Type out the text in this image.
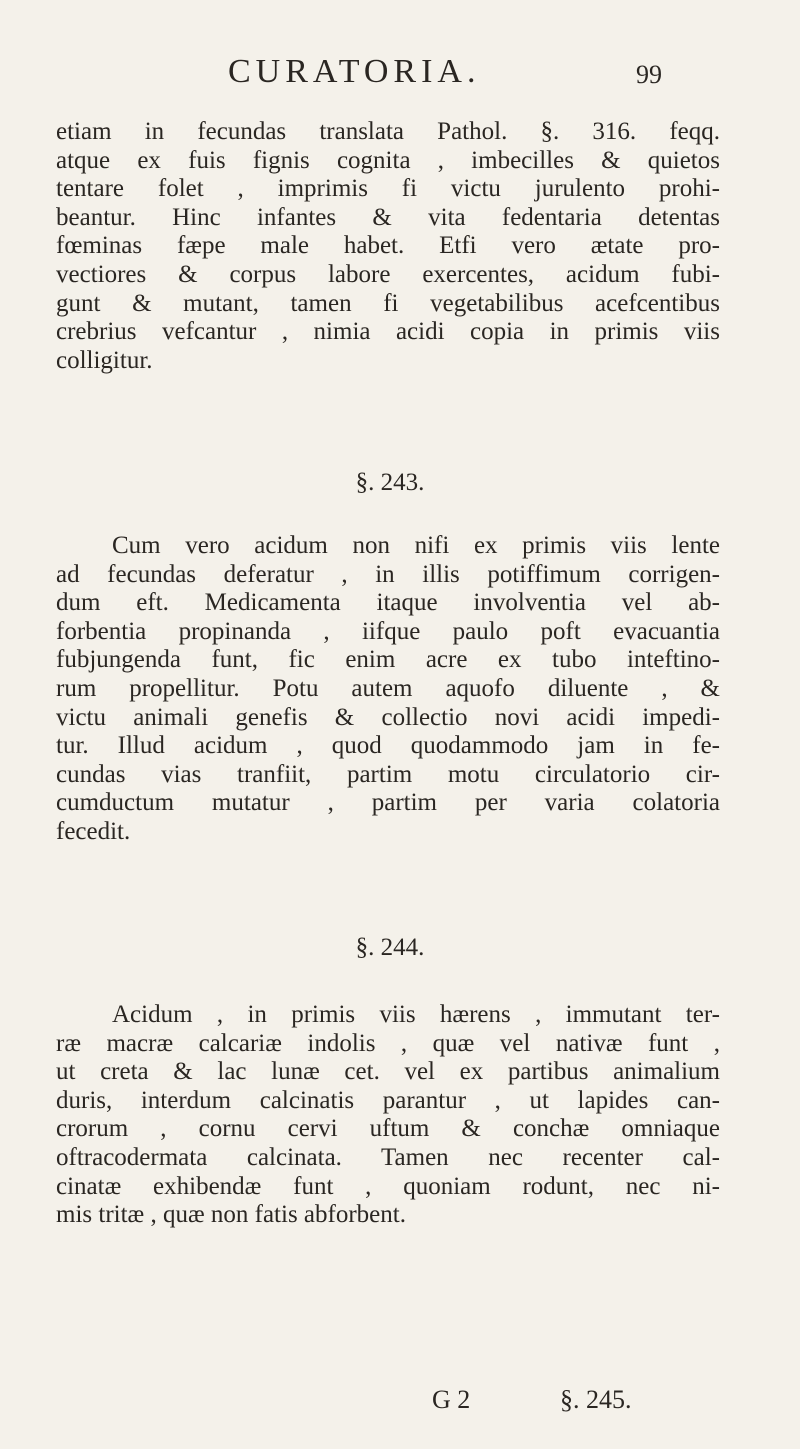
CURATORIA.	99
etiam in fecundas translata Pathol. §. 316. feqq.
atque ex fuis fignis cognita , imbecilles & quietos
tentare folet , imprimis fi victu jurulento prohi-
beantur. Hinc infantes & vita fedentaria detentas
fœminas fæpe male habet. Etfi vero ætate pro-
vectiores & corpus labore exercentes, acidum fubi-
gunt & mutant, tamen fi vegetabilibus acefcentibus
crebrius vefcantur , nimia acidi copia in primis viis
colligitur.
§. 243.
Cum vero acidum non nifi ex primis viis lente
ad fecundas deferatur , in illis potiffimum corrigen-
dum eft. Medicamenta itaque involventia vel ab-
forbentia propinanda , iifque paulo poft evacuantia
fubjungenda funt, fic enim acre ex tubo inteftino-
rum propellitur. Potu autem aquofo diluente , &
victu animali genefis & collectio novi acidi impedi-
tur. Illud acidum , quod quodammodo jam in fe-
cundas vias tranfiit, partim motu circulatorio cir-
cumductum mutatur , partim per varia colatoria
fecedit.
§. 244.
Acidum , in primis viis hærens , immutant ter-
ræ macræ calcariæ indolis , quæ vel nativæ funt ,
ut creta & lac lunæ cet. vel ex partibus animalium
duris, interdum calcinatis parantur , ut lapides can-
crorum , cornu cervi uftum & conchæ omniaque
oftracodermata calcinata. Tamen nec recenter cal-
cinatæ exhibendæ funt , quoniam rodunt, nec ni-
mis tritæ , quæ non fatis abforbent.
G 2	§. 245.
